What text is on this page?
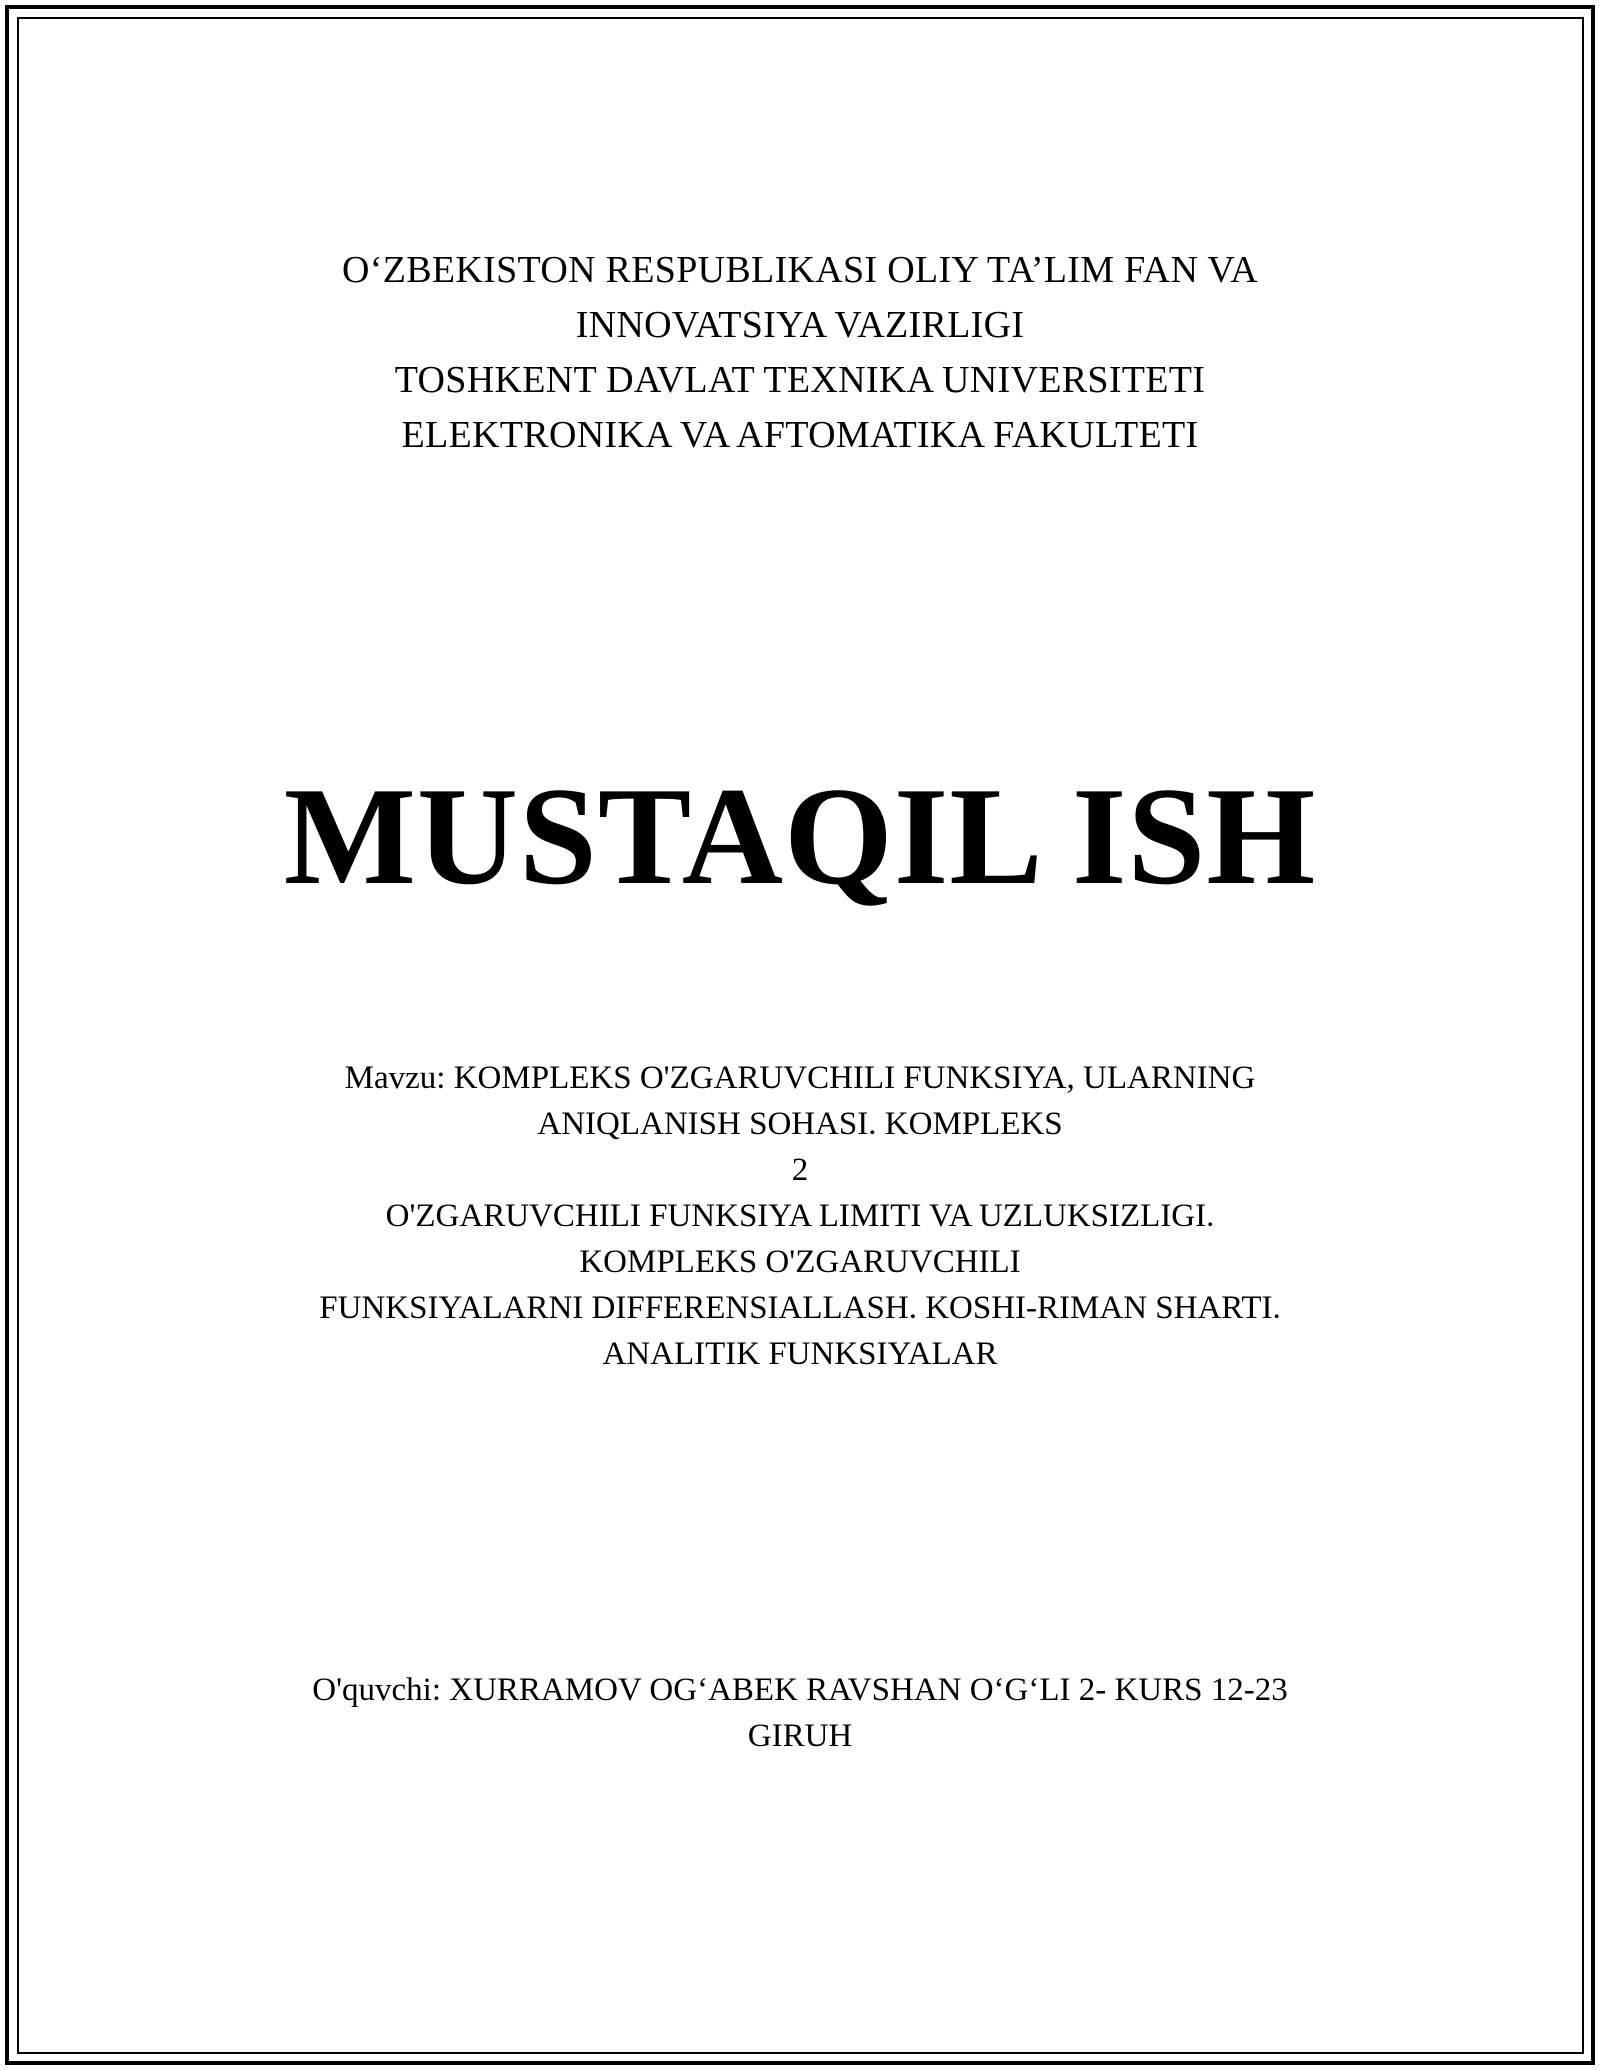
O‘ZBEKISTON RESPUBLIKASI OLIY TA’LIM FAN VA
INNOVATSIYA VAZIRLIGI
TOSHKENT DAVLAT TEXNIKA UNIVERSITETI
ELEKTRONIKA VA AFTOMATIKA FAKULTETI
MUSTAQIL ISH
Mavzu: KOMPLEKS O'ZGARUVCHILI FUNKSIYA, ULARNING
ANIQLANISH SOHASI. KOMPLEKS
2
O'ZGARUVCHILI FUNKSIYA LIMITI VA UZLUKSIZLIGI.
KOMPLEKS O'ZGARUVCHILI
FUNKSIYALARNI DIFFERENSIALLASH. KOSHI-RIMAN SHARTI.
ANALITIK FUNKSIYALAR
O'quvchi: XURRAMOV OG‘ABEK RAVSHAN O‘G‘LI 2- KURS 12-23
GIRUH
